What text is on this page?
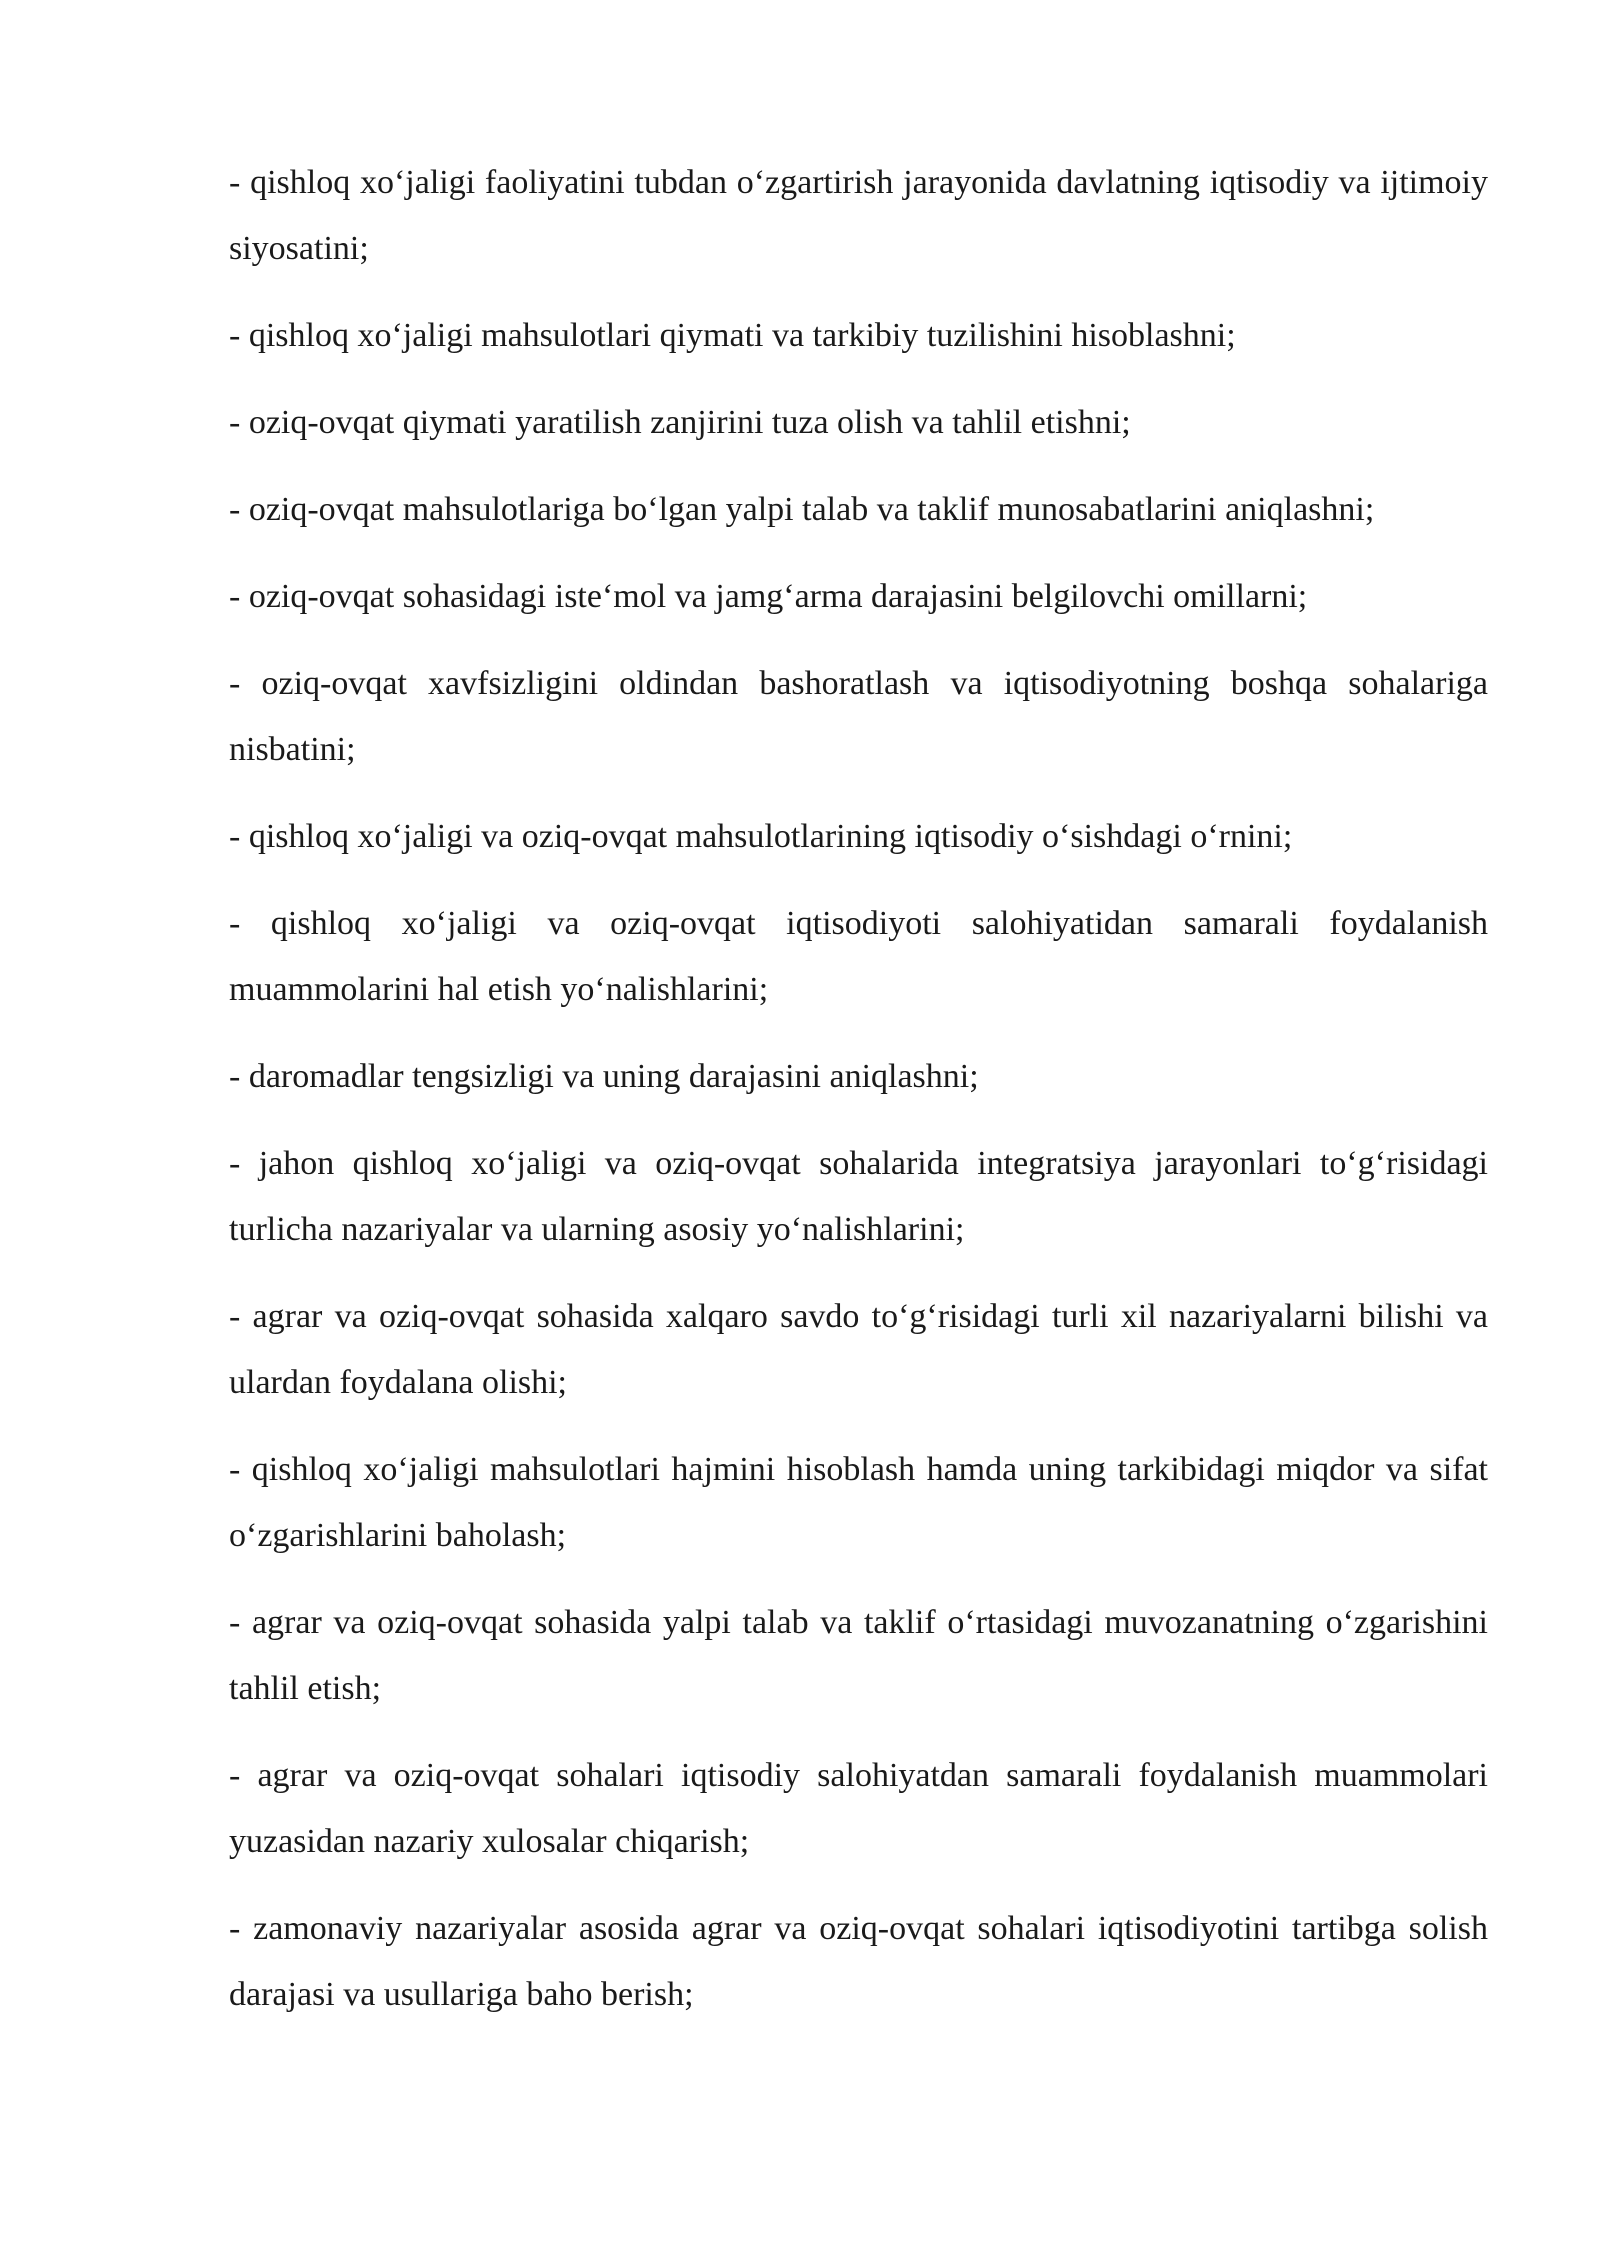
- qishloq xo‘jaligi faoliyatini tubdan o‘zgartirish jarayonida davlatning iqtisodiy va ijtimoiy siyosatini;

- qishloq xo‘jaligi mahsulotlari qiymati va tarkibiy tuzilishini hisoblashni;

- oziq-ovqat qiymati yaratilish zanjirini tuza olish va tahlil etishni;

- oziq-ovqat mahsulotlariga bo‘lgan yalpi talab va taklif munosabatlarini aniqlashni;

- oziq-ovqat sohasidagi iste‘mol va jamg‘arma darajasini belgilovchi omillarni;

- oziq-ovqat xavfsizligini oldindan bashoratlash va iqtisodiyotning boshqa sohalariga nisbatini;

- qishloq xo‘jaligi va oziq-ovqat mahsulotlarining iqtisodiy o‘sishdagi o‘rnini;

- qishloq xo‘jaligi va oziq-ovqat iqtisodiyoti salohiyatidan samarali foydalanish muammolarini hal etish yo‘nalishlarini;

- daromadlar tengsizligi va uning darajasini aniqlashni;

- jahon qishloq xo‘jaligi va oziq-ovqat sohalarida integratsiya jarayonlari to‘g‘risidagi turlicha nazariyalar va ularning asosiy yo‘nalishlarini;

- agrar va oziq-ovqat sohasida xalqaro savdo to‘g‘risidagi turli xil nazariyalarni bilishi va ulardan foydalana olishi;

- qishloq xo‘jaligi mahsulotlari hajmini hisoblash hamda uning tarkibidagi miqdor va sifat o‘zgarishlarini baholash;

- agrar va oziq-ovqat sohasida yalpi talab va taklif o‘rtasidagi muvozanatning o‘zgarishini tahlil etish;

- agrar va oziq-ovqat sohalari iqtisodiy salohiyatdan samarali foydalanish muammolari yuzasidan nazariy xulosalar chiqarish;

- zamonaviy nazariyalar asosida agrar va oziq-ovqat sohalari iqtisodiyotini tartibga solish darajasi va usullariga baho berish;
